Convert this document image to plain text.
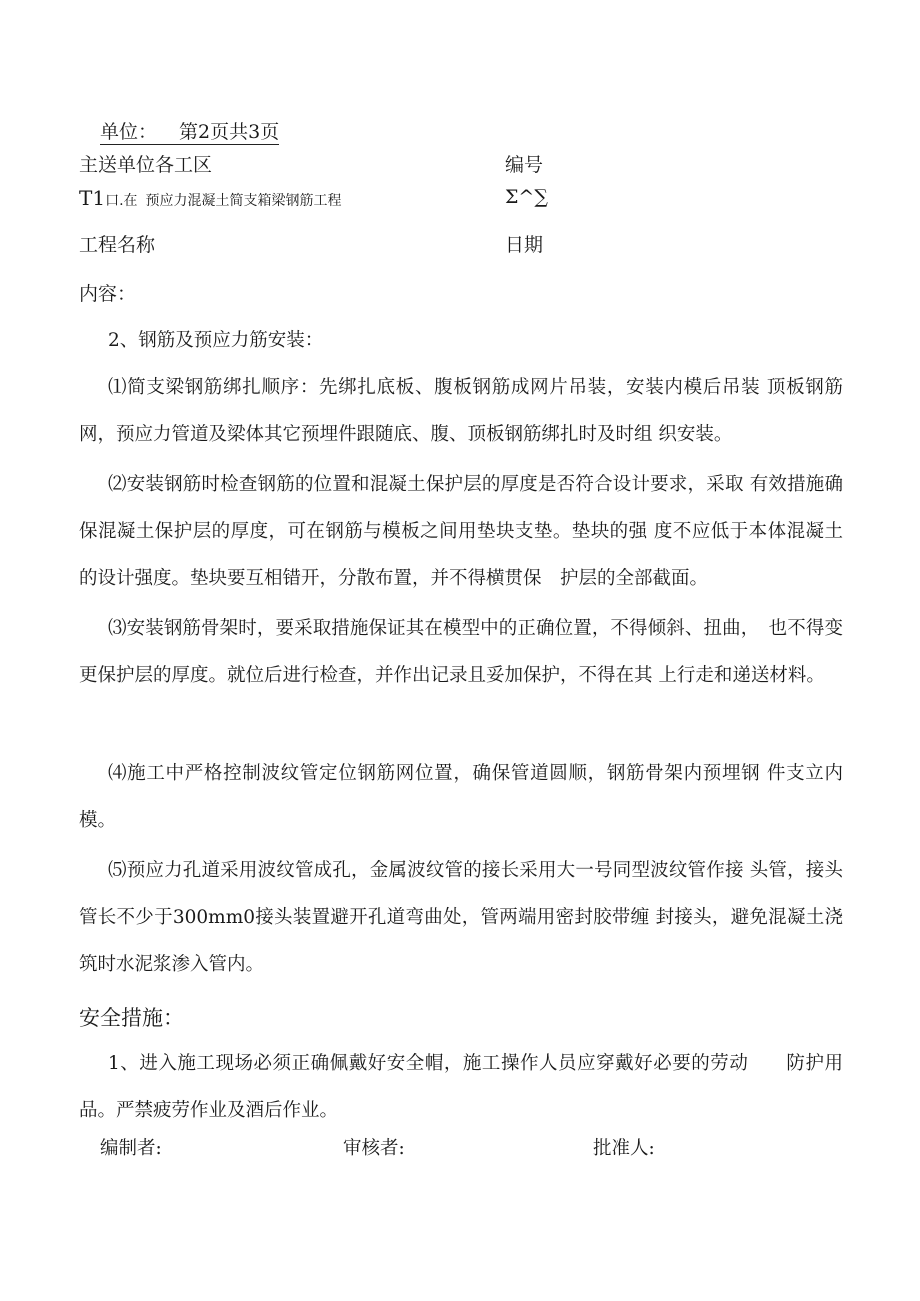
单位： 第2页共3页
主送单位各工区	编号
T1口.在 预应力混凝土简支箱梁钢筋工程	Σ^∑
工程名称	日期
内容：
2、钢筋及预应力筋安装：
⑴简支梁钢筋绑扎顺序：先绑扎底板、腹板钢筋成网片吊装，安装内模后吊装 顶板钢筋网，预应力管道及梁体其它预埋件跟随底、腹、顶板钢筋绑扎时及时组 织安装。
⑵安装钢筋时检查钢筋的位置和混凝土保护层的厚度是否符合设计要求，采取 有效措施确保混凝土保护层的厚度，可在钢筋与模板之间用垫块支垫。垫块的强 度不应低于本体混凝土的设计强度。垫块要互相错开，分散布置，并不得横贯保　护层的全部截面。
⑶安装钢筋骨架时，要采取措施保证其在模型中的正确位置，不得倾斜、扭曲，　也不得变更保护层的厚度。就位后进行检查，并作出记录且妥加保护，不得在其 上行走和递送材料。
⑷施工中严格控制波纹管定位钢筋网位置，确保管道圆顺，钢筋骨架内预埋钢 件支立内模。
⑸预应力孔道采用波纹管成孔，金属波纹管的接长采用大一号同型波纹管作接 头管，接头管长不少于300mm0接头装置避开孔道弯曲处，管两端用密封胶带缠 封接头，避免混凝土浇筑时水泥浆渗入管内。
安全措施：
1、进入施工现场必须正确佩戴好安全帽，施工操作人员应穿戴好必要的劳动　　防护用品。严禁疲劳作业及酒后作业。
编制者:	审核者:	批准人:
